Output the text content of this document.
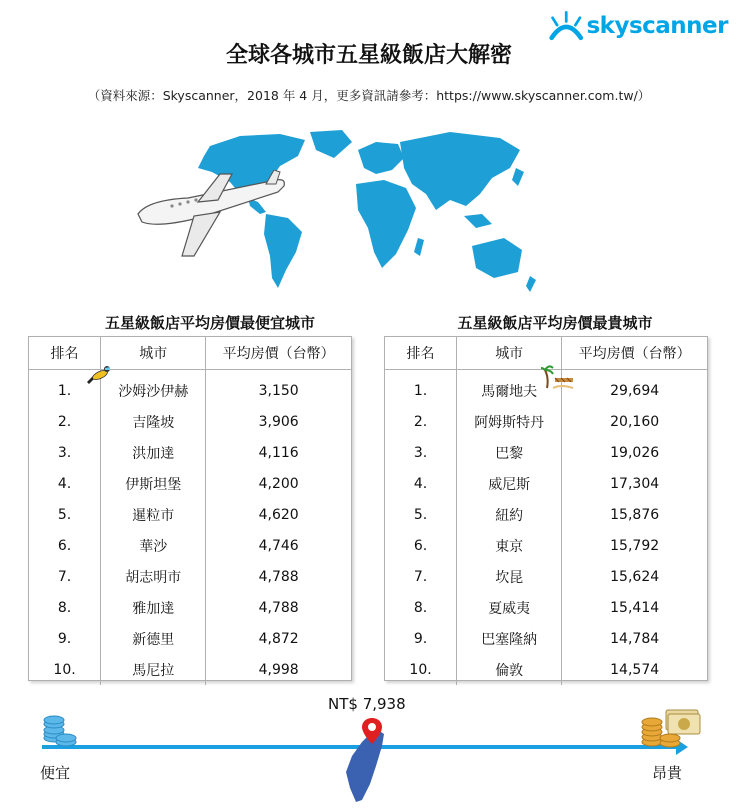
skyscanner
全球各城市五星級飯店大解密
（資料來源：Skyscanner，2018 年 4 月，更多資訊請參考：https://www.skyscanner.com.tw/）
五星級飯店平均房價最便宜城市
排名	城市	平均房價（台幣）
1.	沙姆沙伊赫	3,150
2.	吉隆坡	3,906
3.	洪加達	4,116
4.	伊斯坦堡	4,200
5.	暹粒市	4,620
6.	華沙	4,746
7.	胡志明市	4,788
8.	雅加達	4,788
9.	新德里	4,872
10.	馬尼拉	4,998
五星級飯店平均房價最貴城市
排名	城市	平均房價（台幣）
1.	馬爾地夫	29,694
2.	阿姆斯特丹	20,160
3.	巴黎	19,026
4.	威尼斯	17,304
5.	紐約	15,876
6.	東京	15,792
7.	坎昆	15,624
8.	夏威夷	15,414
9.	巴塞隆納	14,784
10.	倫敦	14,574
便宜	昂貴
NT$ 7,938
